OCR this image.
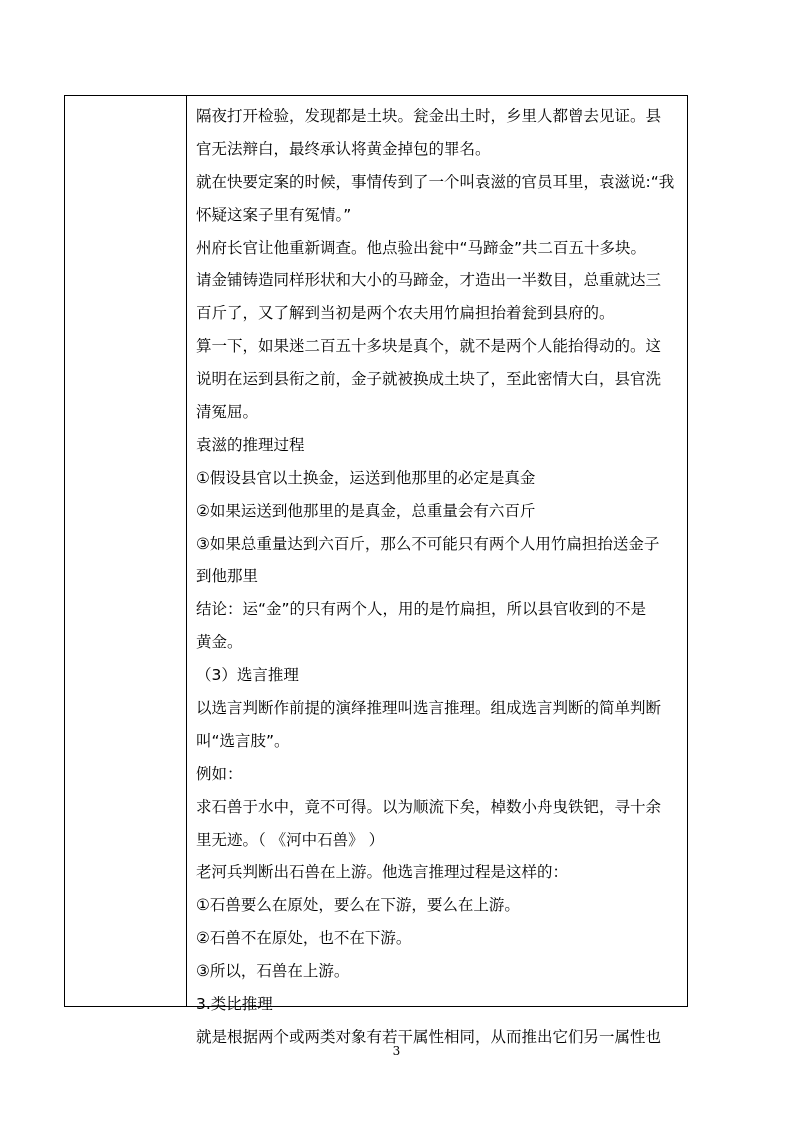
隔夜打开检验，发现都是土块。瓮金出土时，乡里人都曾去见证。县
官无法辩白，最终承认将黄金掉包的罪名。
就在快要定案的时候，事情传到了一个叫袁滋的官员耳里，袁滋说:“我
怀疑这案子里有冤情。”
州府长官让他重新调查。他点验出瓮中“马蹄金”共二百五十多块。
请金铺铸造同样形状和大小的马蹄金，才造出一半数目，总重就达三
百斤了，又了解到当初是两个农夫用竹扁担抬着瓮到县府的。
算一下，如果迷二百五十多块是真个，就不是两个人能抬得动的。这
说明在运到县衔之前，金子就被换成土块了，至此密情大白，县官洗
清冤屈。
袁滋的推理过程
①假设县官以土换金，运送到他那里的必定是真金
②如果运送到他那里的是真金，总重量会有六百斤
③如果总重量达到六百斤，那么不可能只有两个人用竹扁担抬送金子
到他那里
结论：运“金”的只有两个人，用的是竹扁担，所以县官收到的不是
黄金。
（3）选言推理
以选言判断作前提的演绎推理叫选言推理。组成选言判断的简单判断
叫“选言肢”。
例如：
求石兽于水中，竟不可得。以为顺流下矣，棹数小舟曳铁钯，寻十余
里无迹。（ 《河中石兽》 ）
老河兵判断出石兽在上游。他选言推理过程是这样的：
①石兽要么在原处，要么在下游，要么在上游。
②石兽不在原处，也不在下游。
③所以，石兽在上游。
3.类比推理
就是根据两个或两类对象有若干属性相同，从而推出它们另一属性也
3
